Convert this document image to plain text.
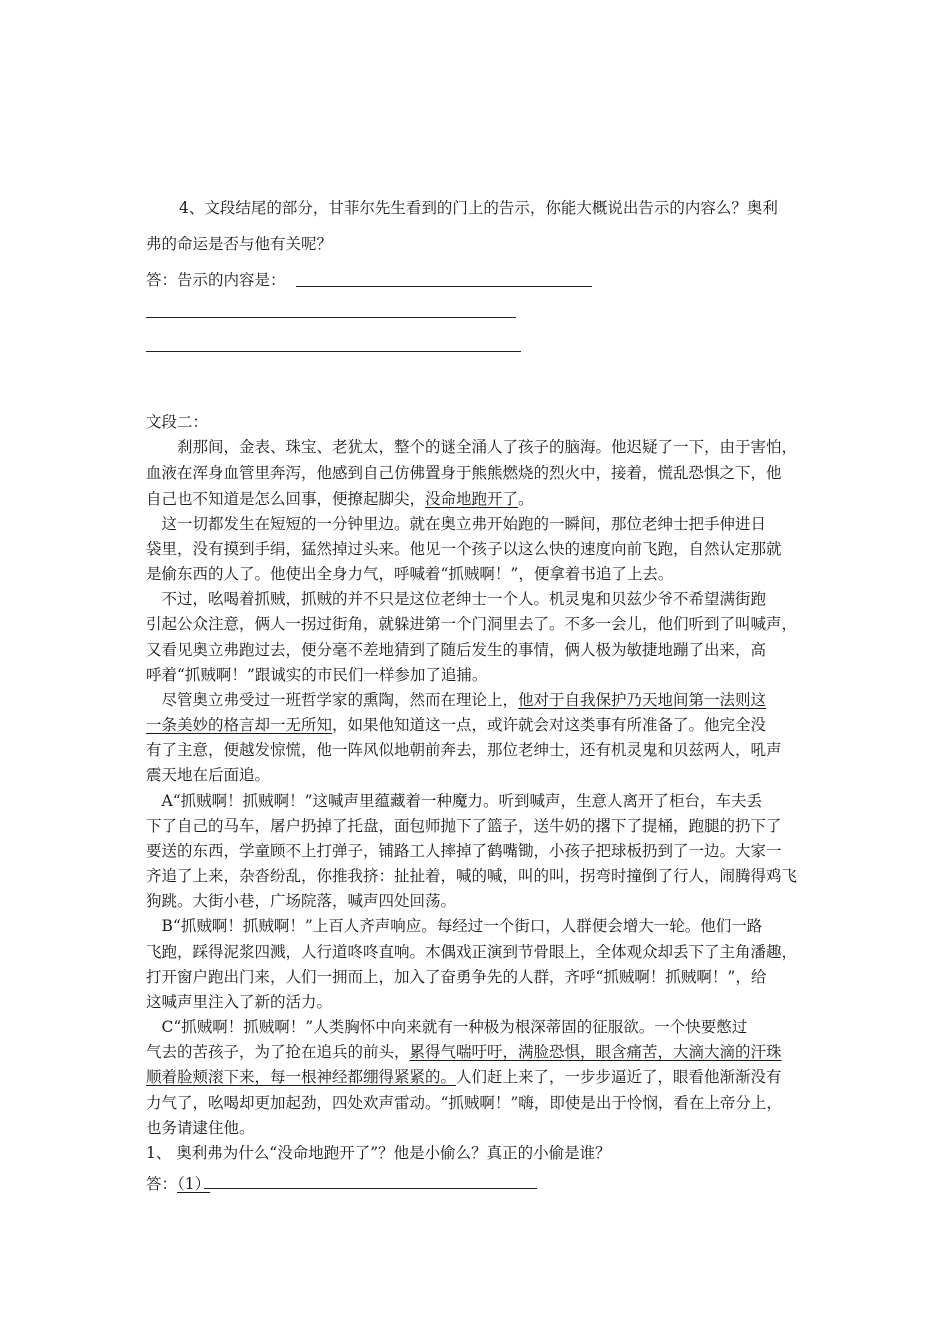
4、文段结尾的部分，甘菲尔先生看到的门上的告示，你能大概说出告示的内容么？奥利
弗的命运是否与他有关呢？
答：告示的内容是：
文段二：
　　刹那间，金表、珠宝、老犹太，整个的谜全涌人了孩子的脑海。他迟疑了一下，由于害怕，
血液在浑身血管里奔泻，他感到自己仿佛置身于熊熊燃烧的烈火中，接着，慌乱恐惧之下，他
自己也不知道是怎么回事，便撩起脚尖，没命地跑开了。
　这一切都发生在短短的一分钟里边。就在奥立弗开始跑的一瞬间，那位老绅士把手伸进日
袋里，没有摸到手绢，猛然掉过头来。他见一个孩子以这么快的速度向前飞跑，自然认定那就
是偷东西的人了。他使出全身力气，呼喊着“抓贼啊！”，便拿着书追了上去。
　不过，吆喝着抓贼，抓贼的并不只是这位老绅士一个人。机灵鬼和贝兹少爷不希望满街跑
引起公众注意，俩人一拐过街角，就躲进第一个门洞里去了。不多一会儿，他们听到了叫喊声，
又看见奥立弗跑过去，便分毫不差地猜到了随后发生的事情，俩人极为敏捷地蹦了出来，高
呼着“抓贼啊！”跟诚实的市民们一样参加了追捕。
　尽管奥立弗受过一班哲学家的熏陶，然而在理论上，他对于自我保护乃天地间第一法则这
一条美妙的格言却一无所知，如果他知道这一点，或许就会对这类事有所准备了。他完全没
有了主意，便越发惊慌，他一阵风似地朝前奔去，那位老绅士，还有机灵鬼和贝兹两人，吼声
震天地在后面追。
　A“抓贼啊！抓贼啊！”这喊声里蕴藏着一种魔力。听到喊声，生意人离开了柜台，车夫丢
下了自己的马车，屠户扔掉了托盘，面包师抛下了篮子，送牛奶的撂下了提桶，跑腿的扔下了
要送的东西，学童顾不上打弹子，铺路工人摔掉了鹤嘴锄，小孩子把球板扔到了一边。大家一
齐追了上来，杂沓纷乱，你推我挤：扯扯着，喊的喊，叫的叫，拐弯时撞倒了行人，闹腾得鸡飞
狗跳。大街小巷，广场院落，喊声四处回荡。
　B“抓贼啊！抓贼啊！”上百人齐声响应。每经过一个街口，人群便会增大一轮。他们一路
飞跑，踩得泥浆四溅，人行道咚咚直响。木偶戏正演到节骨眼上，全体观众却丢下了主角潘趣，
打开窗户跑出门来，人们一拥而上，加入了奋勇争先的人群，齐呼“抓贼啊！抓贼啊！”，给
这喊声里注入了新的活力。
　C“抓贼啊！抓贼啊！”人类胸怀中向来就有一种极为根深蒂固的征服欲。一个快要憋过
气去的苦孩子，为了抢在追兵的前头，累得气喘吁吁，满脸恐惧，眼含痛苦，大滴大滴的汗珠
顺着脸颊滚下来，每一根神经都绷得紧紧的。人们赶上来了，一步步逼近了，眼看他渐渐没有
力气了，吆喝却更加起劲，四处欢声雷动。“抓贼啊！”嗨，即使是出于怜悯，看在上帝分上，
也务请逮住他。
1、 奥利弗为什么“没命地跑开了”？他是小偷么？真正的小偷是谁？
答：（1）
